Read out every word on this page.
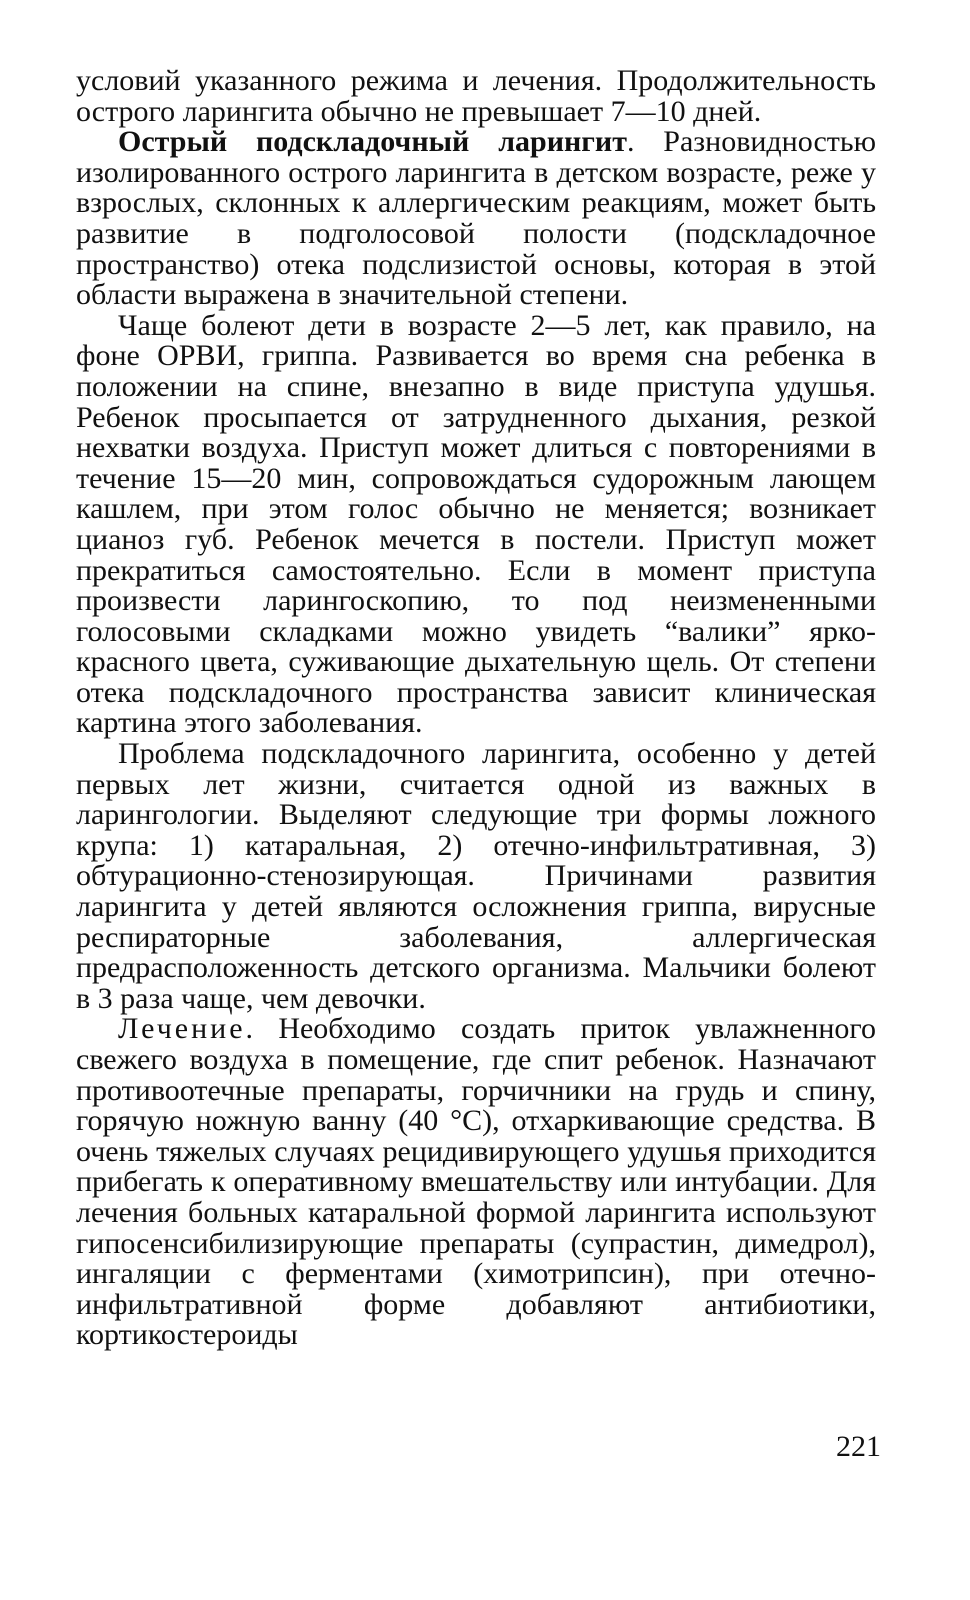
условий указанного режима и лечения. Продолжительность острого ларингита обычно не превышает 7—10 дней.

Острый подскладочный ларингит. Разновидностью изолированного острого ларингита в детском возрасте, реже у взрослых, склонных к аллергическим реакциям, может быть развитие в подголосовой полости (подскладочное пространство) отека подслизистой основы, которая в этой области выражена в значительной степени.

Чаще болеют дети в возрасте 2—5 лет, как правило, на фоне ОРВИ, гриппа. Развивается во время сна ребенка в положении на спине, внезапно в виде приступа удушья. Ребенок просыпается от затрудненного дыхания, резкой нехватки воздуха. Приступ может длиться с повторениями в течение 15—20 мин, сопровождаться судорожным лающем кашлем, при этом голос обычно не меняется; возникает цианоз губ. Ребенок мечется в постели. Приступ может прекратиться самостоятельно. Если в момент приступа произвести ларингоскопию, то под неизмененными голосовыми складками можно увидеть “валики” ярко-красного цвета, суживающие дыхательную щель. От степени отека подскладочного пространства зависит клиническая картина этого заболевания.

Проблема подскладочного ларингита, особенно у детей первых лет жизни, считается одной из важных в ларингологии. Выделяют следующие три формы ложного крупа: 1) катаральная, 2) отечно-инфильтративная, 3) обтурационно-стенозирующая. Причинами развития ларингита у детей являются осложнения гриппа, вирусные респираторные заболевания, аллергическая предрасположенность детского организма. Мальчики болеют в 3 раза чаще, чем девочки.

Лечение. Необходимо создать приток увлажненного свежего воздуха в помещение, где спит ребенок. Назначают противоотечные препараты, горчичники на грудь и спину, горячую ножную ванну (40 °С), отхаркивающие средства. В очень тяжелых случаях рецидивирующего удушья приходится прибегать к оперативному вмешательству или интубации. Для лечения больных катаральной формой ларингита используют гипосенсибилизирующие препараты (супрастин, димедрол), ингаляции с ферментами (химотрипсин), при отечно-инфильтративной форме добавляют антибиотики, кортикостероиды

221
